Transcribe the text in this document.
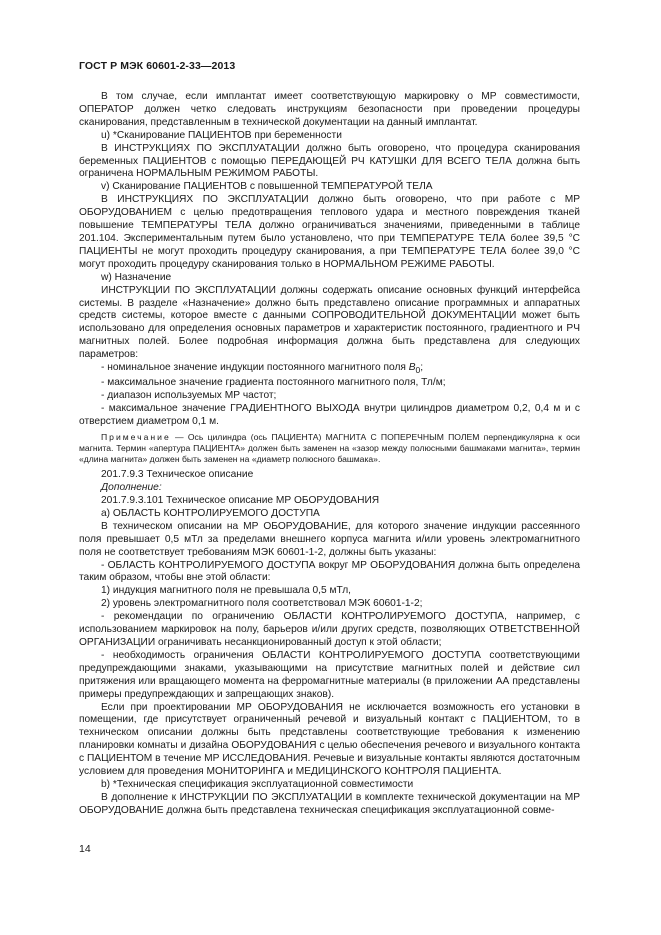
ГОСТ Р МЭК 60601-2-33—2013

В том случае, если имплантат имеет соответствующую маркировку о МР совместимости, ОПЕРАТОР должен четко следовать инструкциям безопасности при проведении процедуры сканирования, представленным в технической документации на данный имплантат.

u) *Сканирование ПАЦИЕНТОВ при беременности

В ИНСТРУКЦИЯХ ПО ЭКСПЛУАТАЦИИ должно быть оговорено, что процедура сканирования беременных ПАЦИЕНТОВ с помощью ПЕРЕДАЮЩЕЙ РЧ КАТУШКИ ДЛЯ ВСЕГО ТЕЛА должна быть ограничена НОРМАЛЬНЫМ РЕЖИМОМ РАБОТЫ.

v) Сканирование ПАЦИЕНТОВ с повышенной ТЕМПЕРАТУРОЙ ТЕЛА

В ИНСТРУКЦИЯХ ПО ЭКСПЛУАТАЦИИ должно быть оговорено, что при работе с МР ОБОРУДОВАНИЕМ с целью предотвращения теплового удара и местного повреждения тканей повышение ТЕМПЕРАТУРЫ ТЕЛА должно ограничиваться значениями, приведенными в таблице 201.104. Экспериментальным путем было установлено, что при ТЕМПЕРАТУРЕ ТЕЛА более 39,5 °С ПАЦИЕНТЫ не могут проходить процедуру сканирования, а при ТЕМПЕРАТУРЕ ТЕЛА более 39,0 °С могут проходить процедуру сканирования только в НОРМАЛЬНОМ РЕЖИМЕ РАБОТЫ.

w) Назначение

ИНСТРУКЦИИ ПО ЭКСПЛУАТАЦИИ должны содержать описание основных функций интерфейса системы. В разделе «Назначение» должно быть представлено описание программных и аппаратных средств системы, которое вместе с данными СОПРОВОДИТЕЛЬНОЙ ДОКУМЕНТАЦИИ может быть использовано для определения основных параметров и характеристик постоянного, градиентного и РЧ магнитных полей. Более подробная информация должна быть представлена для следующих параметров:

- номинальное значение индукции постоянного магнитного поля $B_0$;

- максимальное значение градиента постоянного магнитного поля, Тл/м;

- диапазон используемых МР частот;

- максимальное значение ГРАДИЕНТНОГО ВЫХОДА внутри цилиндров диаметром 0,2, 0,4 м и с отверстием диаметром 0,1 м.

Примечание — Ось цилиндра (ось ПАЦИЕНТА) МАГНИТА С ПОПЕРЕЧНЫМ ПОЛЕМ перпендикулярна к оси магнита. Термин «апертура ПАЦИЕНТА» должен быть заменен на «зазор между полюсными башмаками магнита», термин «длина магнита» должен быть заменен на «диаметр полюсного башмака».

201.7.9.3 Техническое описание

Дополнение:

201.7.9.3.101 Техническое описание МР ОБОРУДОВАНИЯ

а) ОБЛАСТЬ КОНТРОЛИРУЕМОГО ДОСТУПА

В техническом описании на МР ОБОРУДОВАНИЕ, для которого значение индукции рассеянного поля превышает 0,5 мТл за пределами внешнего корпуса магнита и/или уровень электромагнитного поля не соответствует требованиям МЭК 60601-1-2, должны быть указаны:

- ОБЛАСТЬ КОНТРОЛИРУЕМОГО ДОСТУПА вокруг МР ОБОРУДОВАНИЯ должна быть определена таким образом, чтобы вне этой области:

1) индукция магнитного поля не превышала 0,5 мТл,

2) уровень электромагнитного поля соответствовал МЭК 60601-1-2;

- рекомендации по ограничению ОБЛАСТИ КОНТРОЛИРУЕМОГО ДОСТУПА, например, с использованием маркировок на полу, барьеров и/или других средств, позволяющих ОТВЕТСТВЕННОЙ ОРГАНИЗАЦИИ ограничивать несанкционированный доступ к этой области;

- необходимость ограничения ОБЛАСТИ КОНТРОЛИРУЕМОГО ДОСТУПА соответствующими предупреждающими знаками, указывающими на присутствие магнитных полей и действие сил притяжения или вращающего момента на ферромагнитные материалы (в приложении АА представлены примеры предупреждающих и запрещающих знаков).

Если при проектировании МР ОБОРУДОВАНИЯ не исключается возможность его установки в помещении, где присутствует ограниченный речевой и визуальный контакт с ПАЦИЕНТОМ, то в техническом описании должны быть представлены соответствующие требования к изменению планировки комнаты и дизайна ОБОРУДОВАНИЯ с целью обеспечения речевого и визуального контакта с ПАЦИЕНТОМ в течение МР ИССЛЕДОВАНИЯ. Речевые и визуальные контакты являются достаточным условием для проведения МОНИТОРИНГА и МЕДИЦИНСКОГО КОНТРОЛЯ ПАЦИЕНТА.

b) *Техническая спецификация эксплуатационной совместимости

В дополнение к ИНСТРУКЦИИ ПО ЭКСПЛУАТАЦИИ в комплекте технической документации на МР ОБОРУДОВАНИЕ должна быть представлена техническая спецификация эксплуатационной совме-

14
